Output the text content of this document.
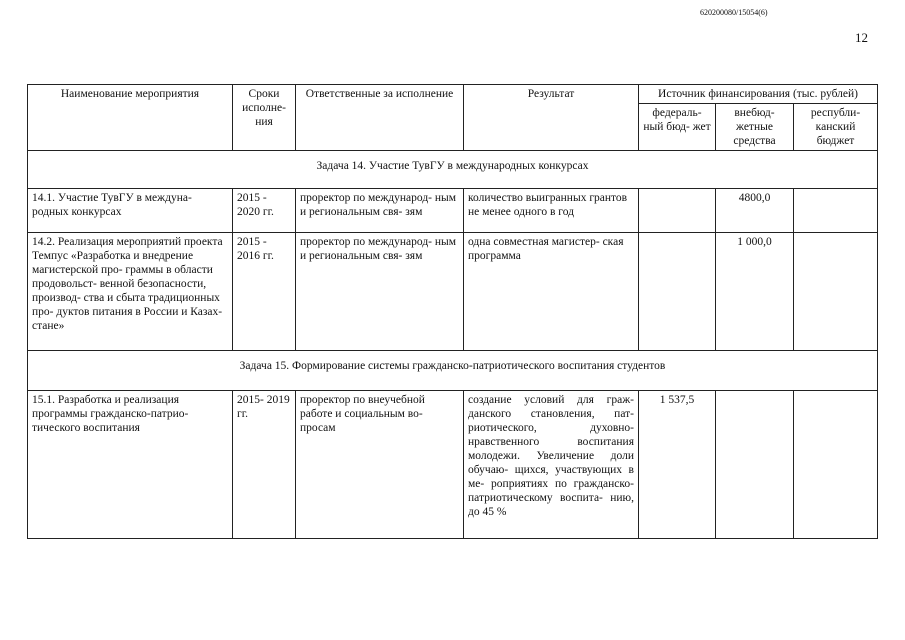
620200080/15054(6)
12
Наименование мероприятия	Сроки исполне- ния	Ответственные за исполнение	Результат	Источник финансирования (тыс. рублей)		
				федераль- ный бюд- жет	внебюд- жетные средства	республи- канский бюджет
Задача 14. Участие ТувГУ в международных конкурсах						
14.1. Участие ТувГУ в междуна- родных конкурсах	2015 - 2020 гг.	проректор по международ- ным и региональным свя- зям	количество выигранных грантов не менее одного в год		4800,0	
14.2. Реализация мероприятий проекта Темпус «Разработка и внедрение магистерской про- граммы в области продовольст- венной безопасности, производ- ства и сбыта традиционных про- дуктов питания в России и Казах- стане»	2015 - 2016 гг.	проректор по международ- ным и региональным свя- зям	одна совместная магистер- ская программа		1 000,0	
Задача 15. Формирование системы гражданско-патриотического воспитания студентов						
15.1. Разработка и реализация программы гражданско-патрио- тического воспитания	2015- 2019 гг.	проректор по внеучебной работе и социальным во- просам	создание условий для граж- данского становления, пат- риотического, духовно- нравственного воспитания молодежи. Увеличение доли обучаю- щихся, участвующих в ме- роприятиях по гражданско- патриотическому воспита- нию, до 45 %	1 537,5		
